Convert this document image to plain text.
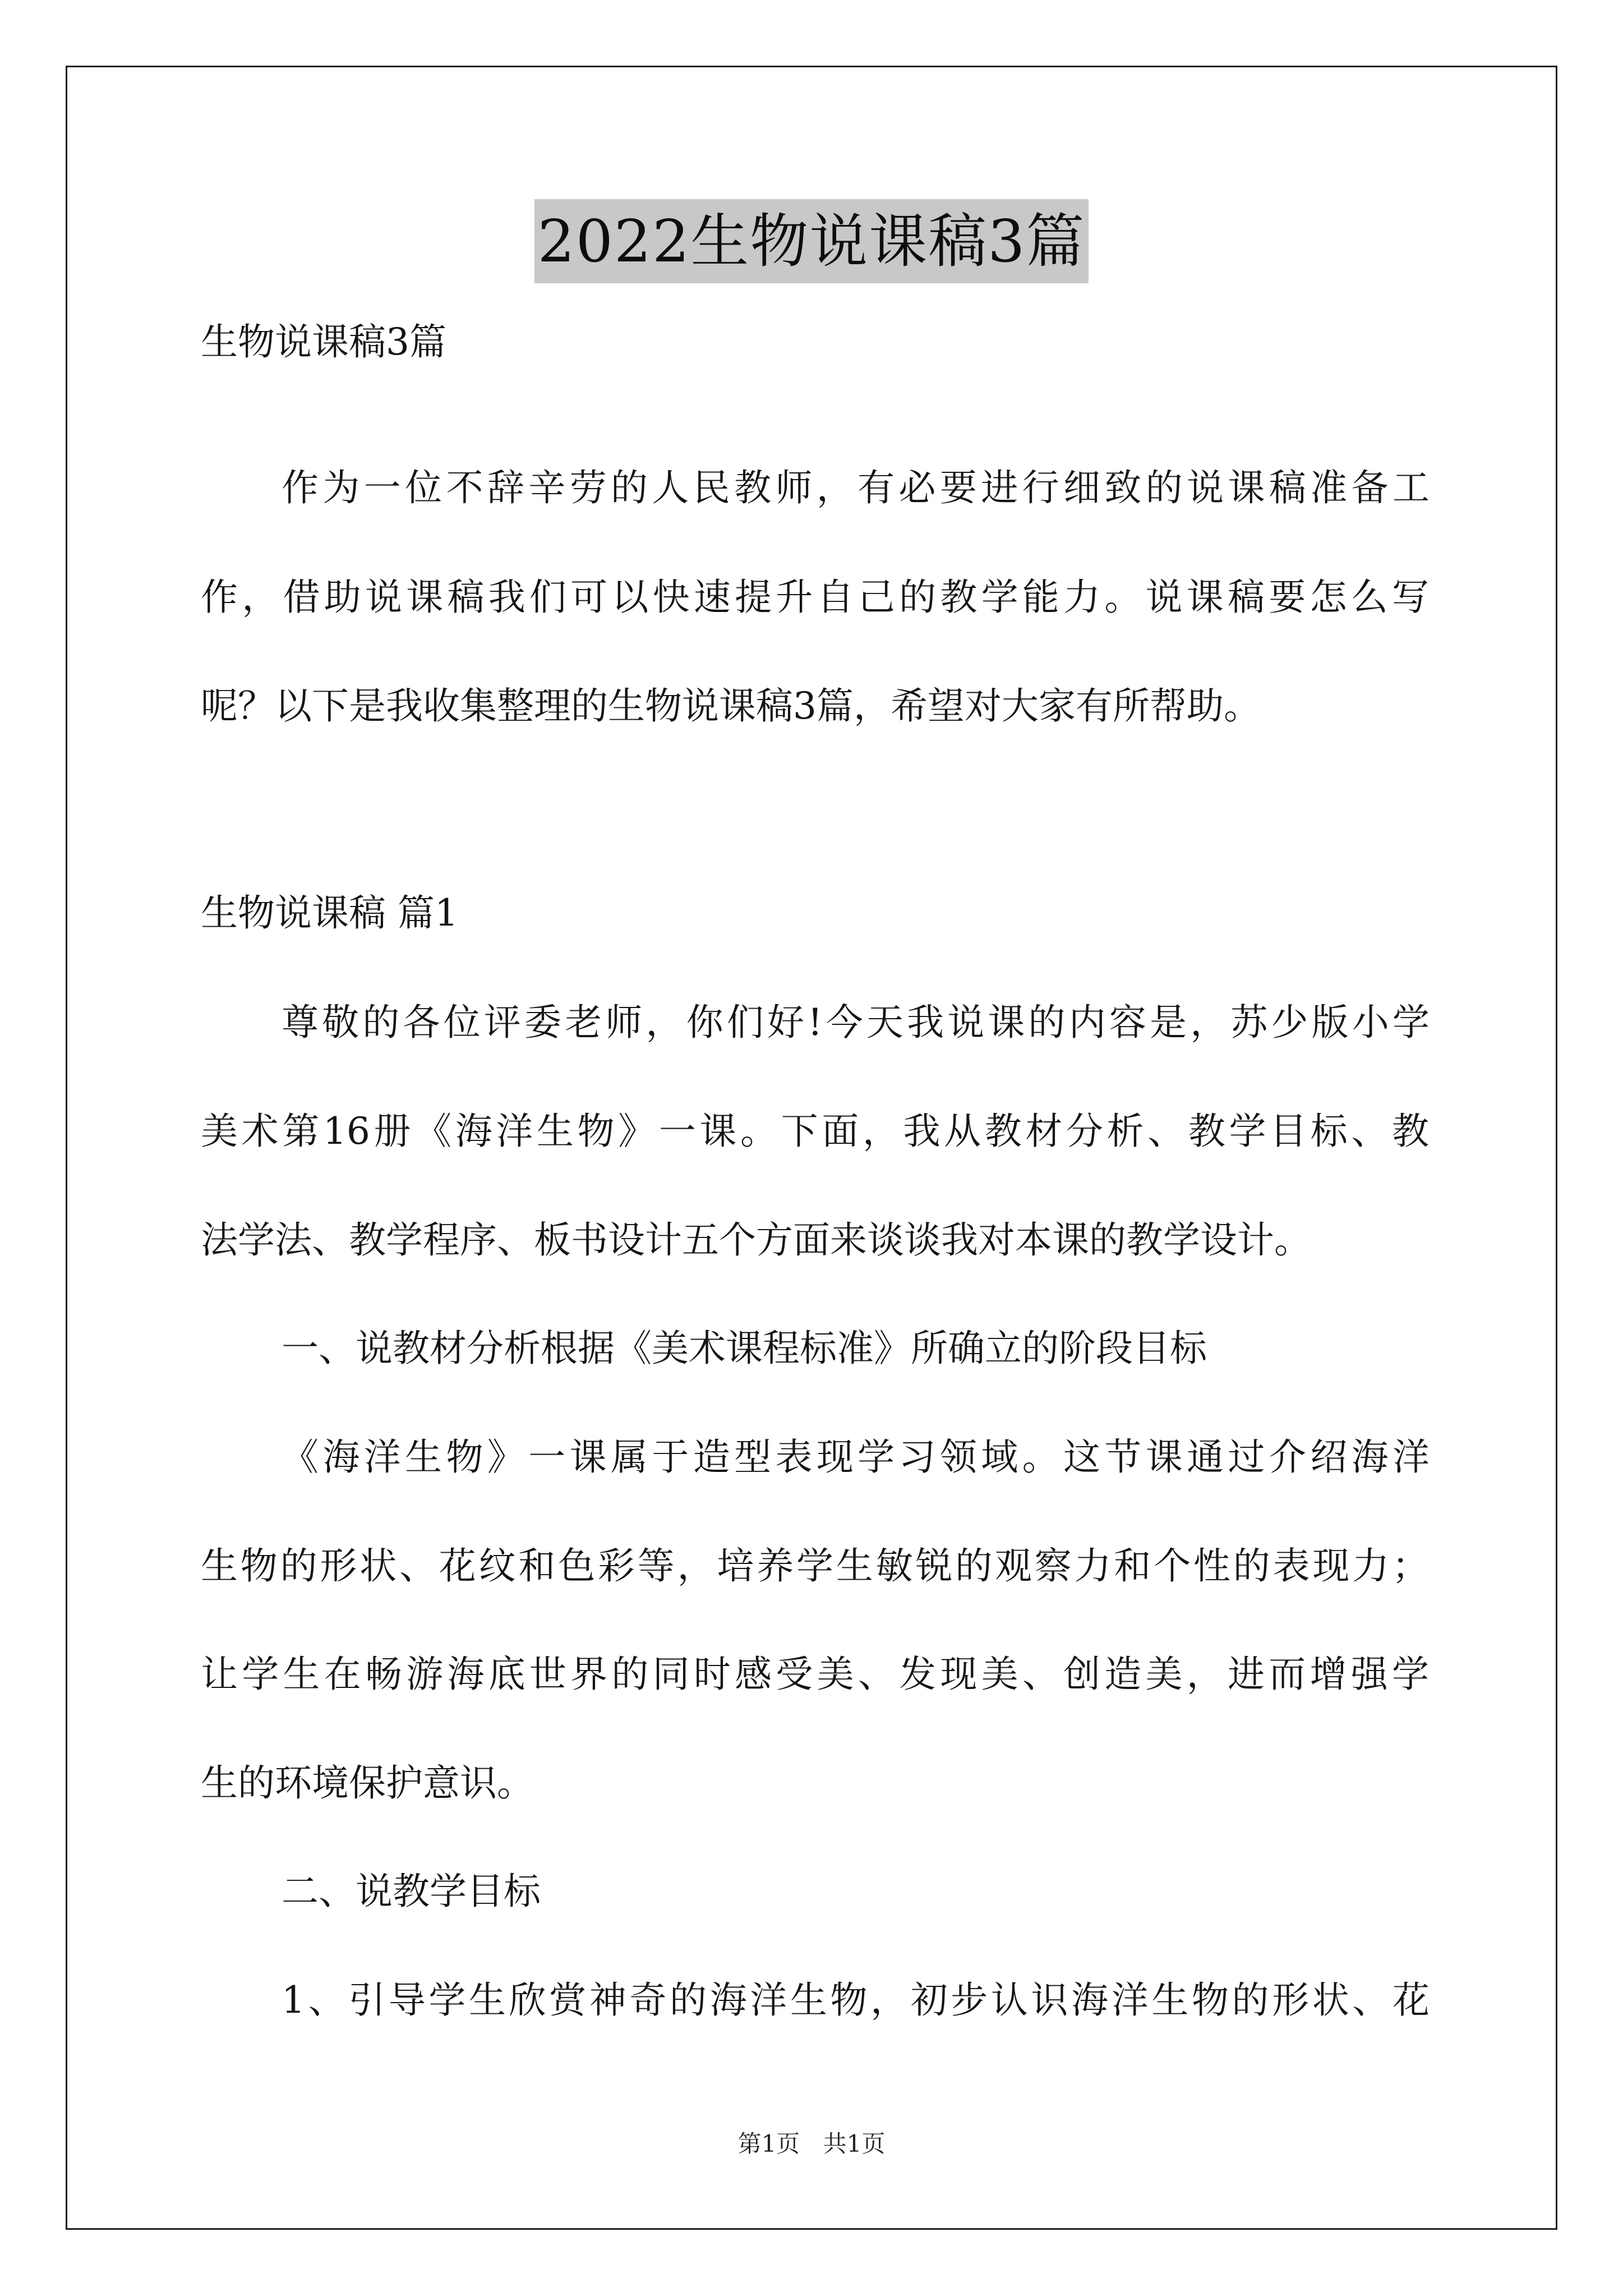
2022生物说课稿3篇
生物说课稿3篇
作为一位不辞辛劳的人民教师，有必要进行细致的说课稿准备工
作，借助说课稿我们可以快速提升自己的教学能力。说课稿要怎么写
呢？以下是我收集整理的生物说课稿3篇，希望对大家有所帮助。
生物说课稿 篇1
尊敬的各位评委老师，你们好!今天我说课的内容是，苏少版小学
美术第16册《海洋生物》一课。下面，我从教材分析、教学目标、教
法学法、教学程序、板书设计五个方面来谈谈我对本课的教学设计。
一、说教材分析根据《美术课程标准》所确立的阶段目标
《海洋生物》一课属于造型表现学习领域。这节课通过介绍海洋
生物的形状、花纹和色彩等，培养学生敏锐的观察力和个性的表现力；
让学生在畅游海底世界的同时感受美、发现美、创造美，进而增强学
生的环境保护意识。
二、说教学目标
1、引导学生欣赏神奇的海洋生物，初步认识海洋生物的形状、花
第1页 共1页
